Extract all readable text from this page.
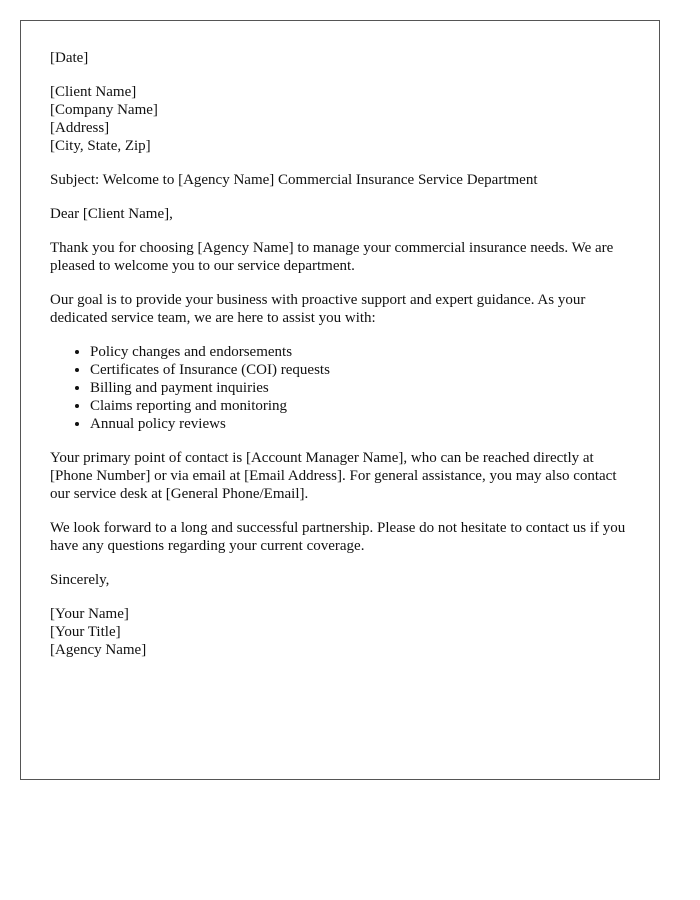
[Date]
[Client Name]
[Company Name]
[Address]
[City, State, Zip]

Subject: Welcome to [Agency Name] Commercial Insurance Service Department

Dear [Client Name],

Thank you for choosing [Agency Name] to manage your commercial insurance needs. We are pleased to welcome you to our service department.

Our goal is to provide your business with proactive support and expert guidance. As your dedicated service team, we are here to assist you with:

• Policy changes and endorsements
• Certificates of Insurance (COI) requests
• Billing and payment inquiries
• Claims reporting and monitoring
• Annual policy reviews

Your primary point of contact is [Account Manager Name], who can be reached directly at [Phone Number] or via email at [Email Address]. For general assistance, you may also contact our service desk at [General Phone/Email].

We look forward to a long and successful partnership. Please do not hesitate to contact us if you have any questions regarding your current coverage.

Sincerely,

[Your Name]
[Your Title]
[Agency Name]
